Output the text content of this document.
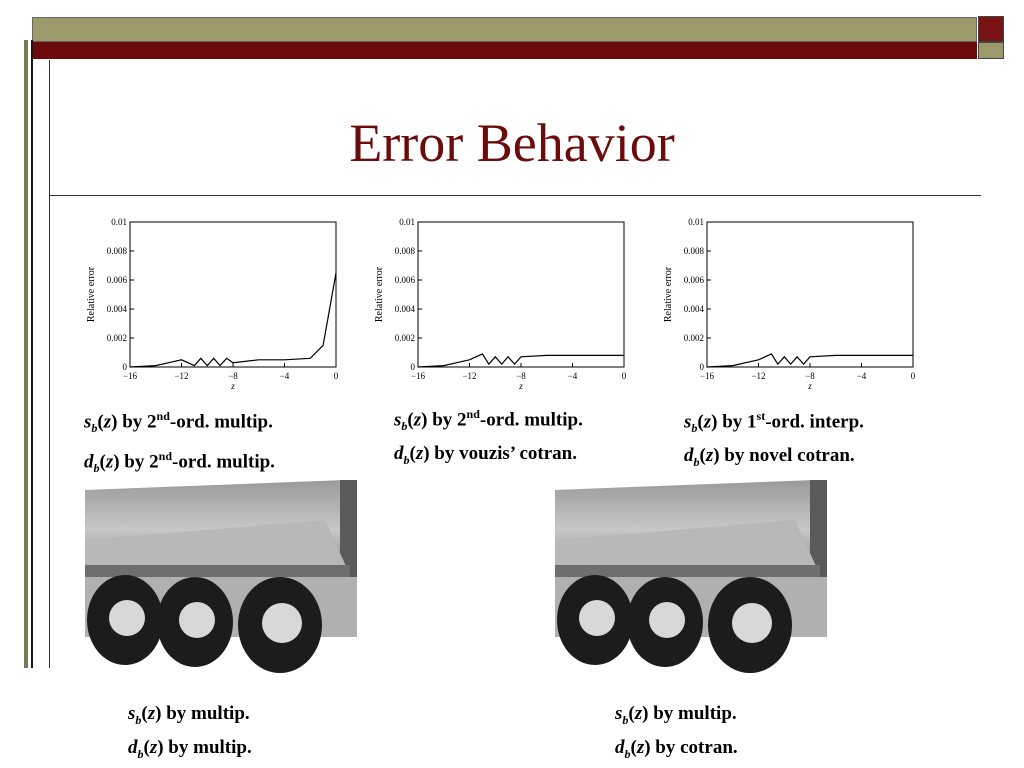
Error Behavior
0
0.002
0.004
0.006
0.008
0.01
−16	−12	−8	−4	0
z
Relative error
0
0.002
0.004
0.006
0.008
0.01
−16	−12	−8	−4	0
z
Relative error
0
0.002
0.004
0.006
0.008
0.01
−16	−12	−8	−4	0
z
Relative error
$s_b(z)$ by 2nd-ord. multip.
$d_b(z)$ by 2nd-ord. multip.
$s_b(z)$ by 2nd-ord. multip.
$d_b(z)$ by vouzis’ cotran.
$s_b(z)$ by 1st-ord. interp.
$d_b(z)$ by novel cotran.
$s_b(z)$ by multip.
$d_b(z)$ by multip.
$s_b(z)$ by multip.
$d_b(z)$ by cotran.
